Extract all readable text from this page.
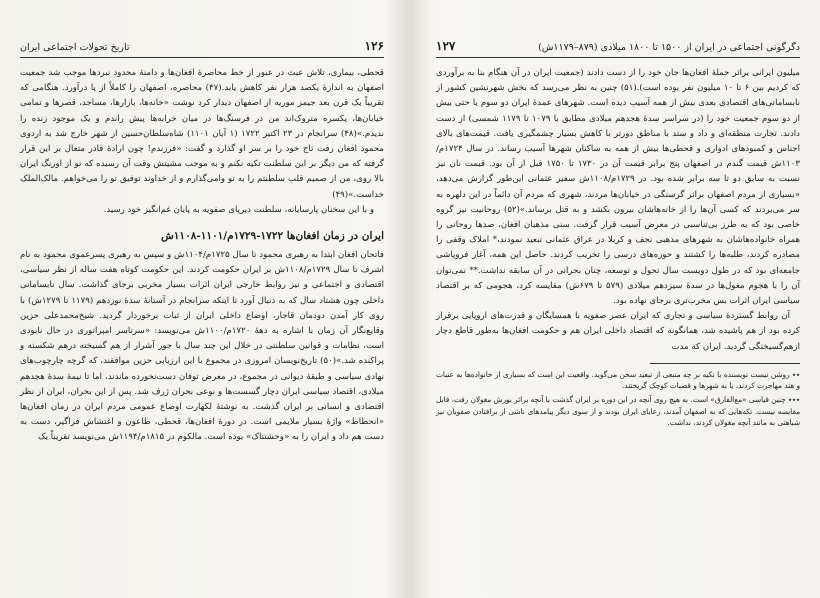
دگرگونی اجتماعی در ایران از ۱۵۰۰ تا ۱۸۰۰ میلادی (۸۷۹–۱۱۷۹ش)
۱۲۷

میلیون ایرانی براثر حملهٔ افغان‌ها جان خود را از دست دادند (جمعیت ایران در آن هنگام بنا به برآوردی که کردیم بین ۶ تا ۱۰ میلیون نفر بوده است).(۵۱) چنین به نظر می‌رسد که بخش شهرنشین کشور از نابسامانی‌های اقتصادی بعدی بیش از همه آسیب دیده است. شهرهای عمدهٔ ایران دو سوم یا حتی بیش از دو سوم جمعیت خود را (در سراسر سدهٔ هجدهم میلادی مطابق با ۱۰۷۹ تا ۱۱۷۹ شمسی) از دست دادند. تجارت منطقه‌ای و داد و ستد با مناطق دورتر با کاهش بسیار چشمگیری یافت. قیمت‌های بالای اجناس و کمبودهای ادواری و قحطی‌ها بیش از همه به ساکنان شهرها آسیب رساند. در سال ۱۷۲۴م/۱۱۰۳ش قیمت گندم در اصفهان پنج برابر قیمت آن در ۱۷۳۰ تا ۱۷۵۰ قبل از آن بود. قیمت نان نیز نسبت به سابق دو تا سه برابر شده بود. در ۱۷۲۹م/۱۱۰۸ش سفیر عثمانی این‌طور گزارش می‌دهد، «بسیاری از مردم اصفهان براثر گرسنگی در خیابان‌ها مردند، شهری که مردم آن دائماً در این دلهره به سر می‌بردند که کسی آن‌ها را از خانه‌هاشان بیرون بکشد و به قتل برساند.»(۵۲) روحانیت نیز گروه خاصی بود که به طرز بی‌تناسبی در معرض آسیب قرار گرفت. سنی مذهبان افغان، صدها روحانی را همراه خانواده‌هاشان به شهرهای مذهبی نجف و کربلا در عراق عثمانی تبعید نمودند،* املاک وقفی را مصادره کردند، طلبه‌ها را کشتند و حوزه‌های درسی را تخریب کردند. حاصل این همه، آغاز فروپاشی جامعه‌ای بود که در طول دویست سال تحول و توسعه، چنان بحرانی در آن سابقه نداشت.** نمی‌توان آن را با هجوم مغول‌ها در سدهٔ سیزدهم میلادی (۵۷۹ تا ۶۷۹ش) مقایسه کرد، هجومی که بر اقتصاد سیاسی ایران اثرات بس مخرب‌تری برجای نهاده بود.

آن روابط گستردهٔ سیاسی و تجاری که ایران عصر صفویه با همسایگان و قدرت‌های اروپایی برقرار کرده بود از هم پاشیده شد، همانگونه که اقتصاد داخلی ایران هم و حکومت افغان‌ها به‌طور قاطع دچار ازهم‌گسیختگی گردید. ایران که مدت

٭٭ روشن نیست نویسنده با تکیه بر چه منبعی از تبعید سخن می‌گوید. واقعیت این است که بسیاری از خانواده‌ها به عتبات و هند مهاجرت کردند، یا به شهرها و قصبات کوچک گریختند.

٭٭٭ چنین قیاسی «مع‌الفارق» است. به هیچ روی آنچه در این دوره بر ایران گذشت با آنچه براثر یورش مغولان رفت، قابل مقایسه نیست. تکه‌هایی که به اصفهان آمدند، رعایای ایران بودند و از سوی دیگر پیامدهای ناشی از برافتادن صفویان نیز شباهتی به مانند آنچه مغولان کردند، نداشت.

۱۲۶
تاریخ تحولات اجتماعی ایران

قحطی، بیماری، تلاش عبث در عبور از خط محاصرهٔ افغان‌ها و دامنهٔ محدود نبردها موجب شد جمعیت اصفهان به اندازهٔ یکصد هزار نفر کاهش یابد.(۴۷) محاصره، اصفهان را کاملاً از پا درآورد. هنگامی که تقریباً یک قرن بعد جیمز موریه از اصفهان دیدار کرد نوشت «خانه‌ها، بازارها، مساجد، قصرها و تمامی خیابان‌ها، یکسره متروک‌اند من در فرسنگ‌ها در میان خرابه‌ها پیش راندم و یک موجود زنده را ندیدم.»(۴۸) سرانجام در ۲۳ اکتبر ۱۷۲۲ (۱ آبان ۱۱۰۱) شاه‌سلطان‌حسین از شهر خارج شد به اردوی محمود افغان رفت تاج خود را بر سر او گذارد و گفت: «فرزندم! چون ارادهٔ قادر متعال بر این قرار گرفته که من دیگر بر این سلطنت تکیه نکنم و به موجب مشیتش وقت آن رسیده که تو از اورنگ ایران بالا روی، من از صمیم قلب سلطنتم را به تو وامی‌گذارم و از خداوند توفیق تو را می‌خواهم. مالک‌الملک خداست.»(۴۹)

و با این سخنان پارسایانه، سلطنت دیرپای صفویه به پایان غم‌انگیز خود رسید.

ایران در زمان افغان‌ها ۱۷۲۲-۱۷۲۹م/۱۱۰۱-۱۱۰۸ش

فاتحان افغان ابتدا به رهبری محمود تا سال ۱۷۲۵م/۱۱۰۴ش و سپس به رهبری پسرعموی محمود به نام اشرف تا سال ۱۷۲۹م/۱۱۰۸ش بر ایران حکومت کردند. این حکومت کوتاه هفت ساله از نظر سیاسی، اقتصادی و اجتماعی و نیز روابط خارجی ایران اثرات بسیار مخربی برجای گذاشت. سال نابسامانی داخلی چون هشتاد سال که به دنبال آورد تا اینکه سرانجام در آستانهٔ سدهٔ نوزدهم (۱۱۷۹ تا ۱۲۷۹ش) با روی کار آمدن دودمان قاجار، اوضاع داخلی ایران از ثبات برخوردار گردید. شیخ‌محمدعلی حزین وقایع‌نگار آن زمان با اشاره به دههٔ ۱۷۲۰م/۱۱۰۰ش می‌نویسد: «سرتاسر امپراتوری در حال نابودی است، نظامات و قوانین سلطنتی در خلال این چند سال با جور اَشرار از هم گسیخته درهم شکسته و پراکنده شد.»(۵۰) تاریخ‌نویسان امروزی در مجموع با این ارزیابی حزین موافقند، که گرچه چارچوب‌های نهادی سیاسی و طبقهٔ دیوانی در مجموع، در معرض توفان دست‌نخورده ماندند، اما تا نیمهٔ سدهٔ هجدهم میلادی، اقتصاد سیاسی ایران دچار گسست‌ها و نوعی بحران ژرف شد. پس از این بحران، ایران از نظر اقتصادی و انسانی بر ایران گذشت. به نوشتهٔ لکهارت اوضاع عمومی مردم ایران در زمان افغان‌ها «انحطاط» واژهٔ بسیار ملایمی است. در دورهٔ افغان‌ها، قحطی، طاعون و اغتشاش فراگیر، دست به دست هم داد و ایران را به «وحشتناک» بوده است. مالکوم در ۱۸۱۵م/۱۱۹۴ش می‌نویسد تقریباً یک
